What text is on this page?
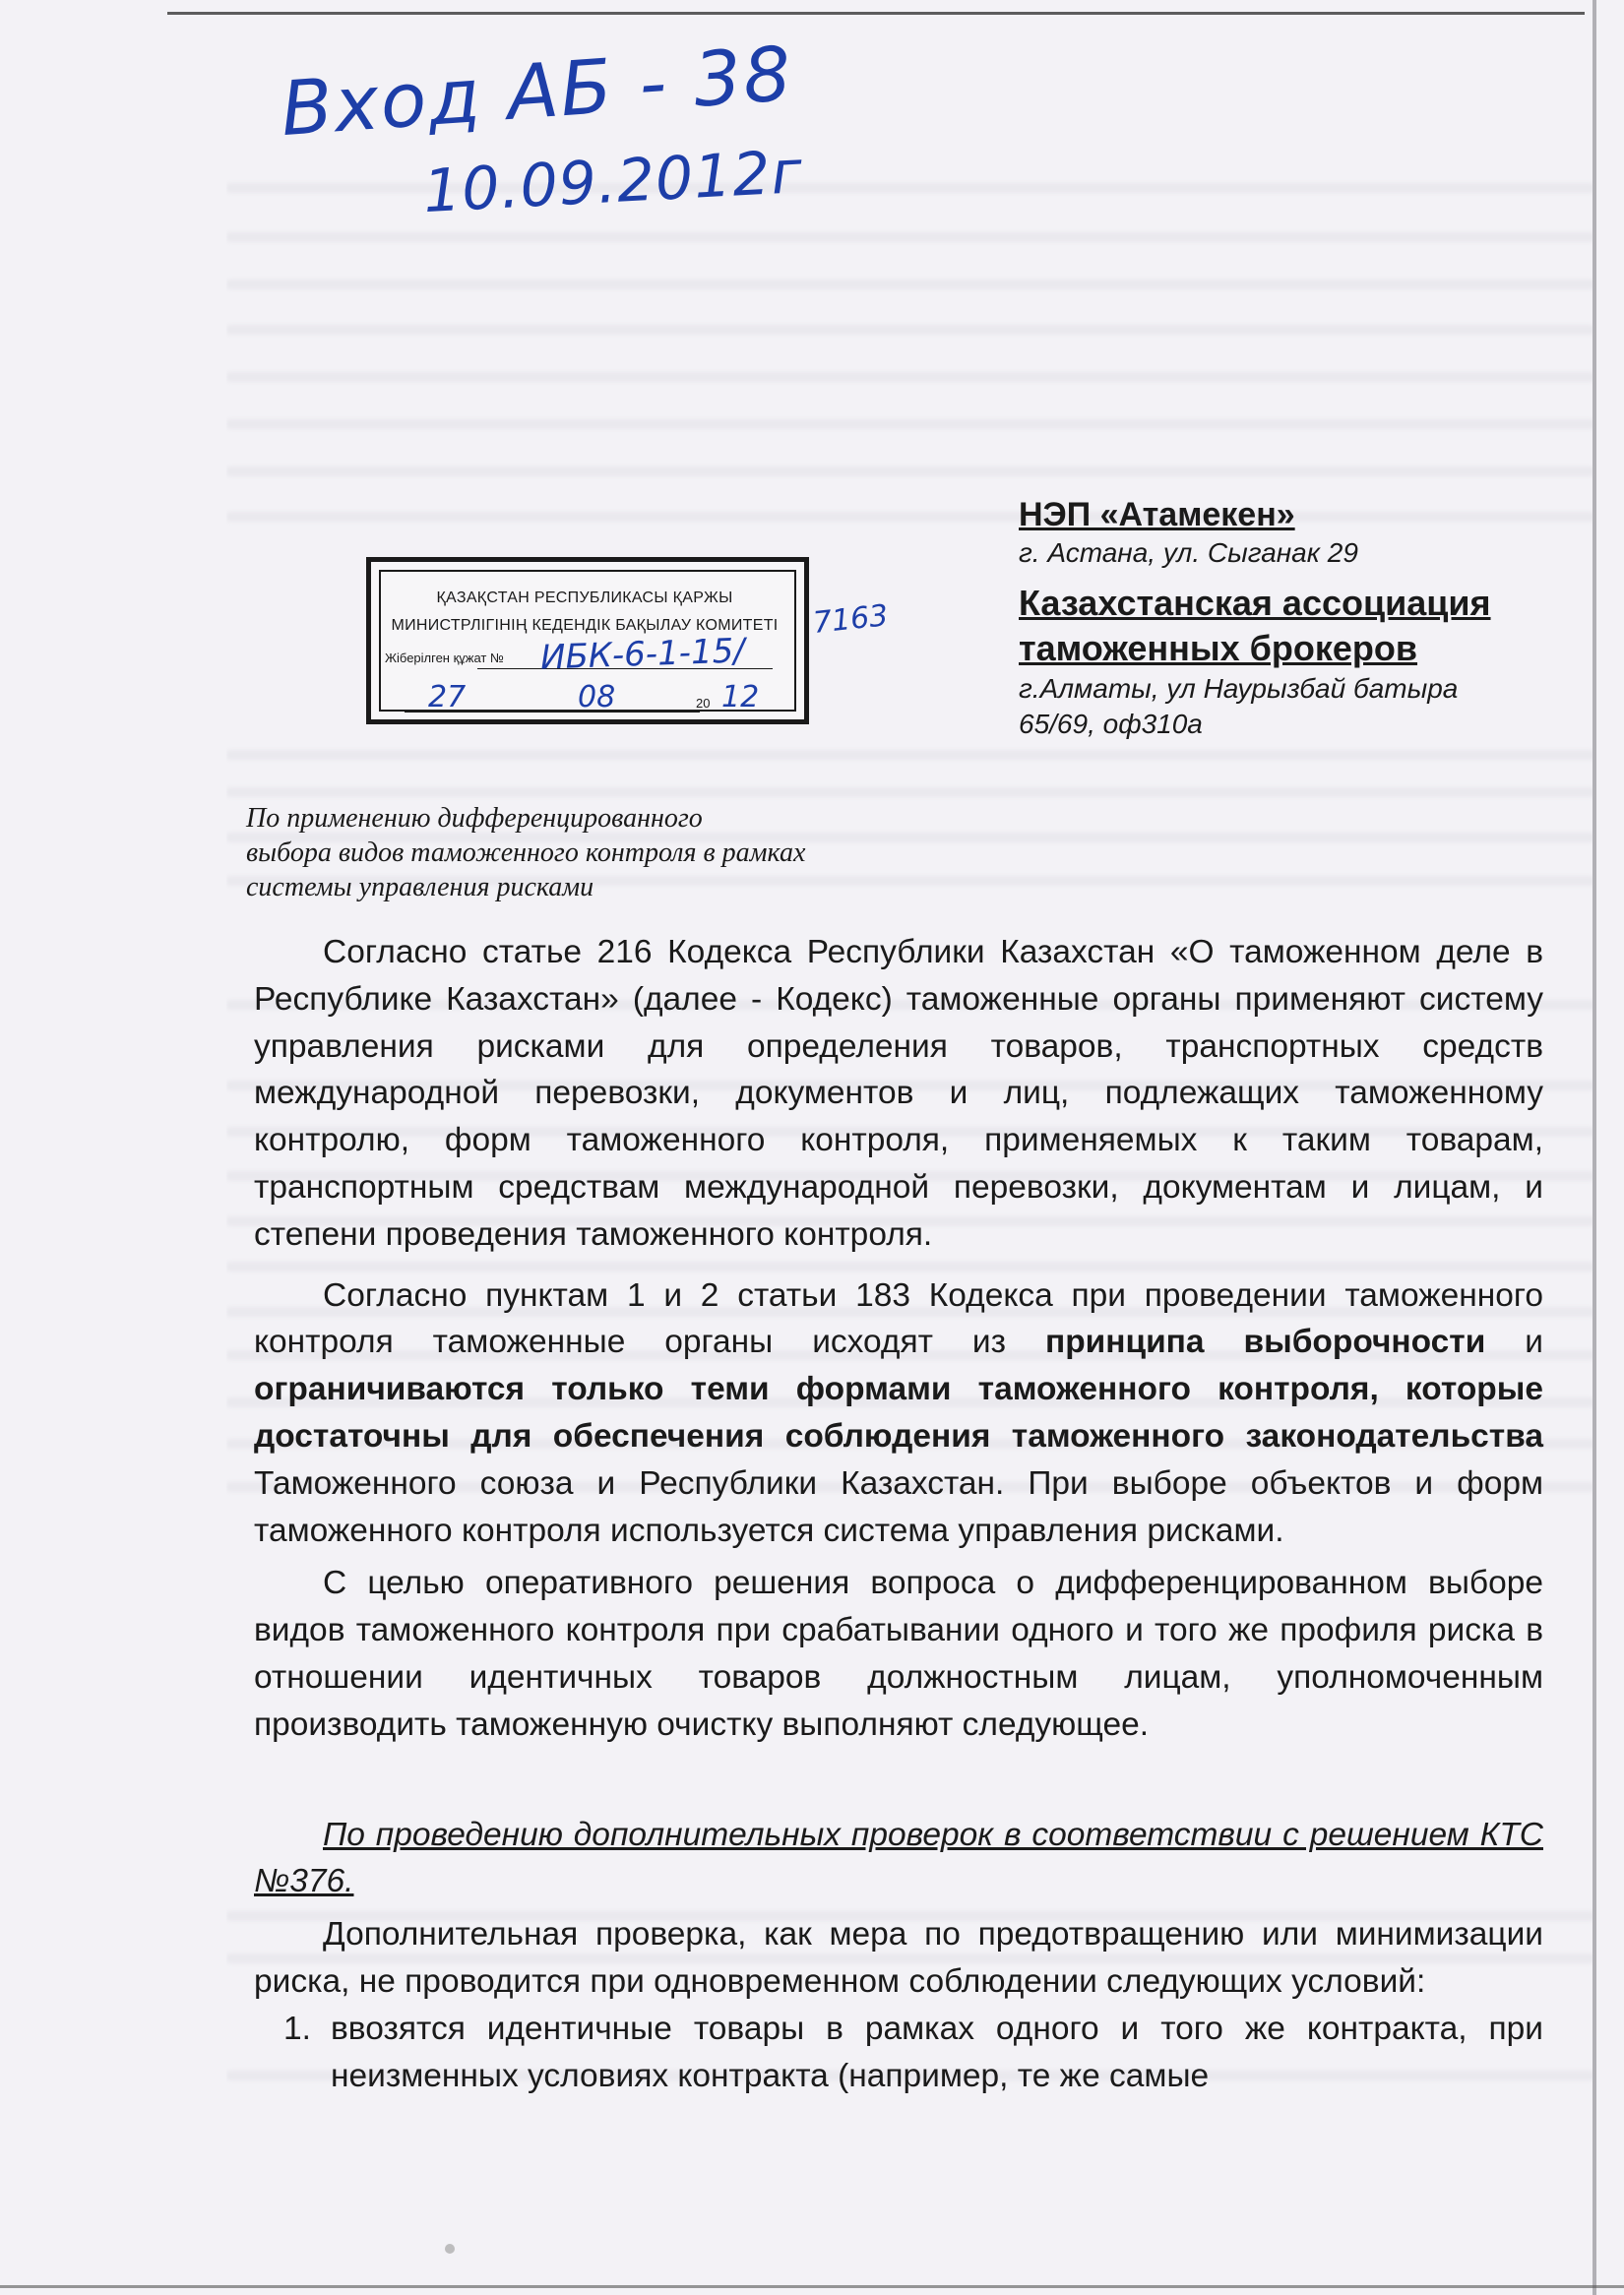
Вход АБ - 38
10.09.2012г
НЭП «Атамекен»
г. Астана, ул. Сыганак 29
Казахстанская ассоциация
таможенных брокеров
г.Алматы, ул Наурызбай батыра
65/69, оф310а
ҚАЗАҚСТАН РЕСПУБЛИКАСЫ ҚАРЖЫ
МИНИСТРЛІГІНІҢ КЕДЕНДІК БАҚЫЛАУ КОМИТЕТІ
Жіберілген құжат № ИБК-6-1-15/
27	08	20 12
7163
По применению дифференцированного
выбора видов таможенного контроля в рамках
системы управления рисками

Согласно статье 216 Кодекса Республики Казахстан «О таможенном деле в Республике Казахстан» (далее - Кодекс) таможенные органы применяют систему управления рисками для определения товаров, транспортных средств международной перевозки, документов и лиц, подлежащих таможенному контролю, форм таможенного контроля, применяемых к таким товарам, транспортным средствам международной перевозки, документам и лицам, и степени проведения таможенного контроля.

Согласно пунктам 1 и 2 статьи 183 Кодекса при проведении таможенного контроля таможенные органы исходят из принципа выборочности и ограничиваются только теми формами таможенного контроля, которые достаточны для обеспечения соблюдения таможенного законодательства Таможенного союза и Республики Казахстан. При выборе объектов и форм таможенного контроля используется система управления рисками.

С целью оперативного решения вопроса о дифференцированном выборе видов таможенного контроля при срабатывании одного и того же профиля риска в отношении идентичных товаров должностным лицам, уполномоченным производить таможенную очистку выполняют следующее.

По проведению дополнительных проверок в соответствии с решением КТС №376.

Дополнительная проверка, как мера по предотвращению или минимизации риска, не проводится при одновременном соблюдении следующих условий:

1. ввозятся идентичные товары в рамках одного и того же контракта, при неизменных условиях контракта (например, те же самые
